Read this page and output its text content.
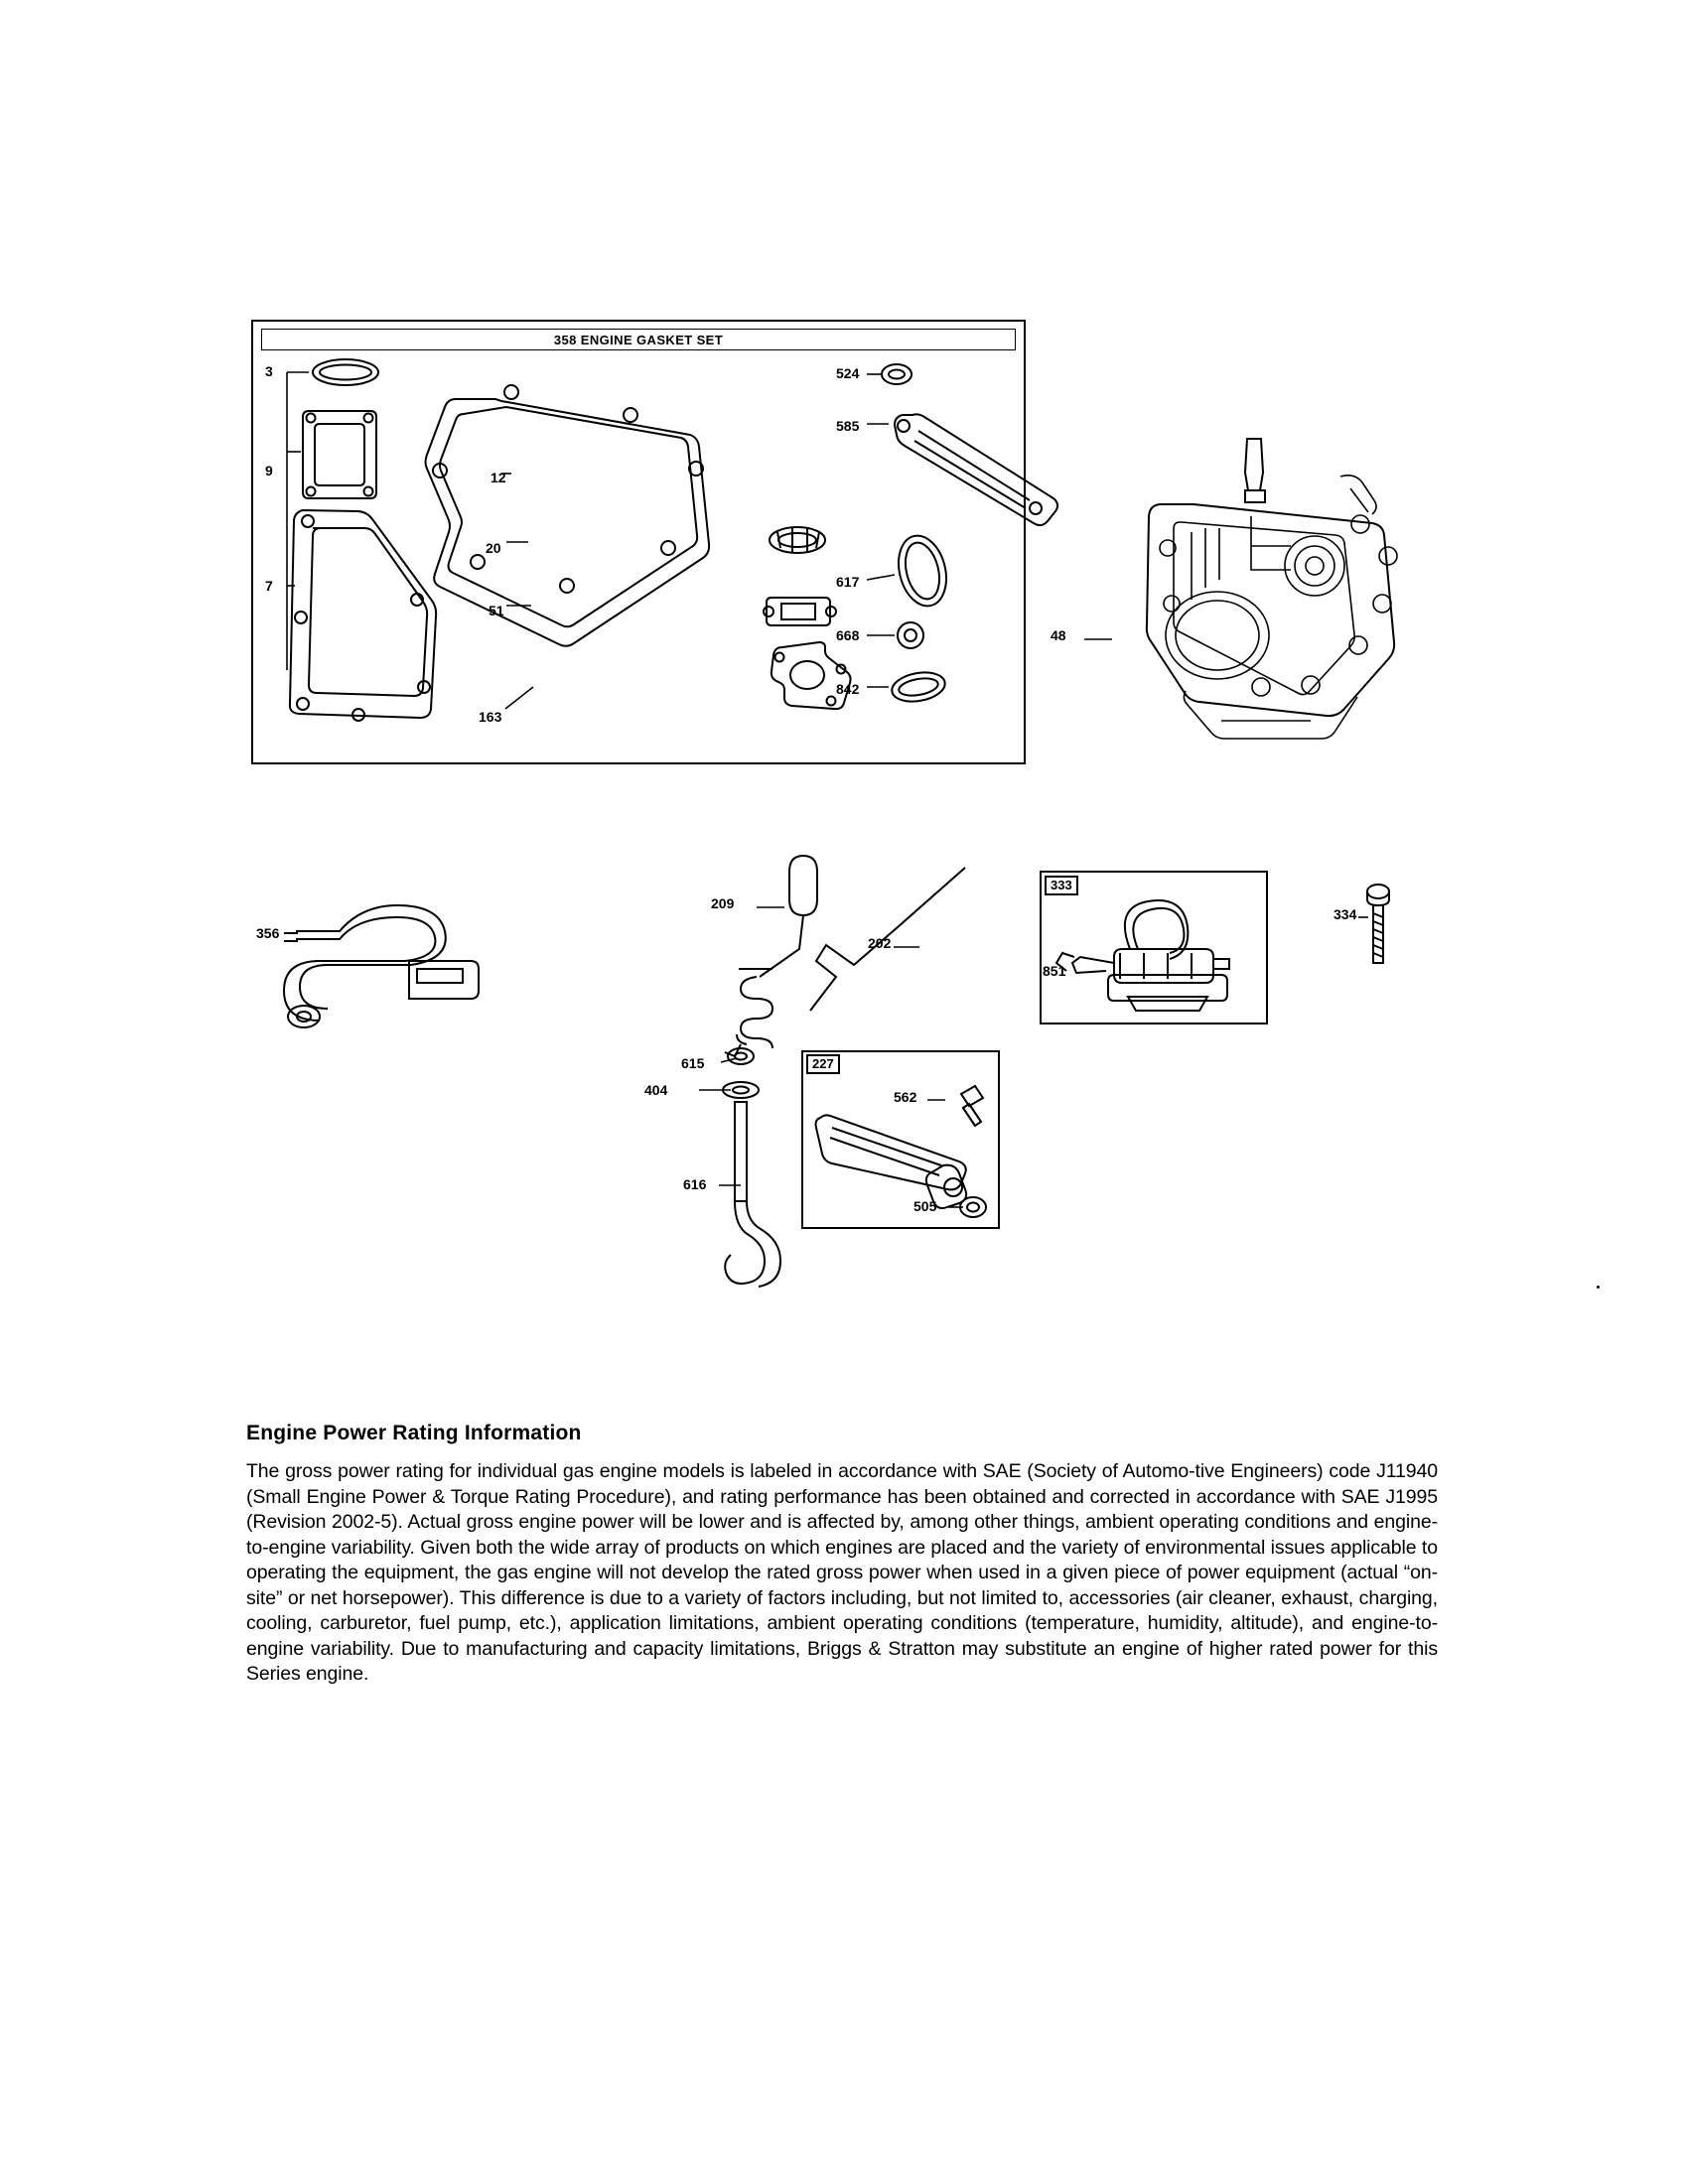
358 ENGINE GASKET SET
3
9
7
12
20
51
163
524
585
617
668
842
48
356
209
202
615
404
616
333
851
334
227
562
505
Engine Power Rating Information

The gross power rating for individual gas engine models is labeled in accordance with SAE (Society of Automo-tive Engineers) code J11940 (Small Engine Power & Torque Rating Procedure), and rating performance has been obtained and corrected in accordance with SAE J1995 (Revision 2002-5). Actual gross engine power will be lower and is affected by, among other things, ambient operating conditions and engine-to-engine variability. Given both the wide array of products on which engines are placed and the variety of environmental issues applicable to operating the equipment, the gas engine will not develop the rated gross power when used in a given piece of power equipment (actual “on-site” or net horsepower). This difference is due to a variety of factors including, but not limited to, accessories (air cleaner, exhaust, charging, cooling, carburetor, fuel pump, etc.), application limitations, ambient operating conditions (temperature, humidity, altitude), and engine-to-engine variability. Due to manufacturing and capacity limitations, Briggs & Stratton may substitute an engine of higher rated power for this Series engine.
